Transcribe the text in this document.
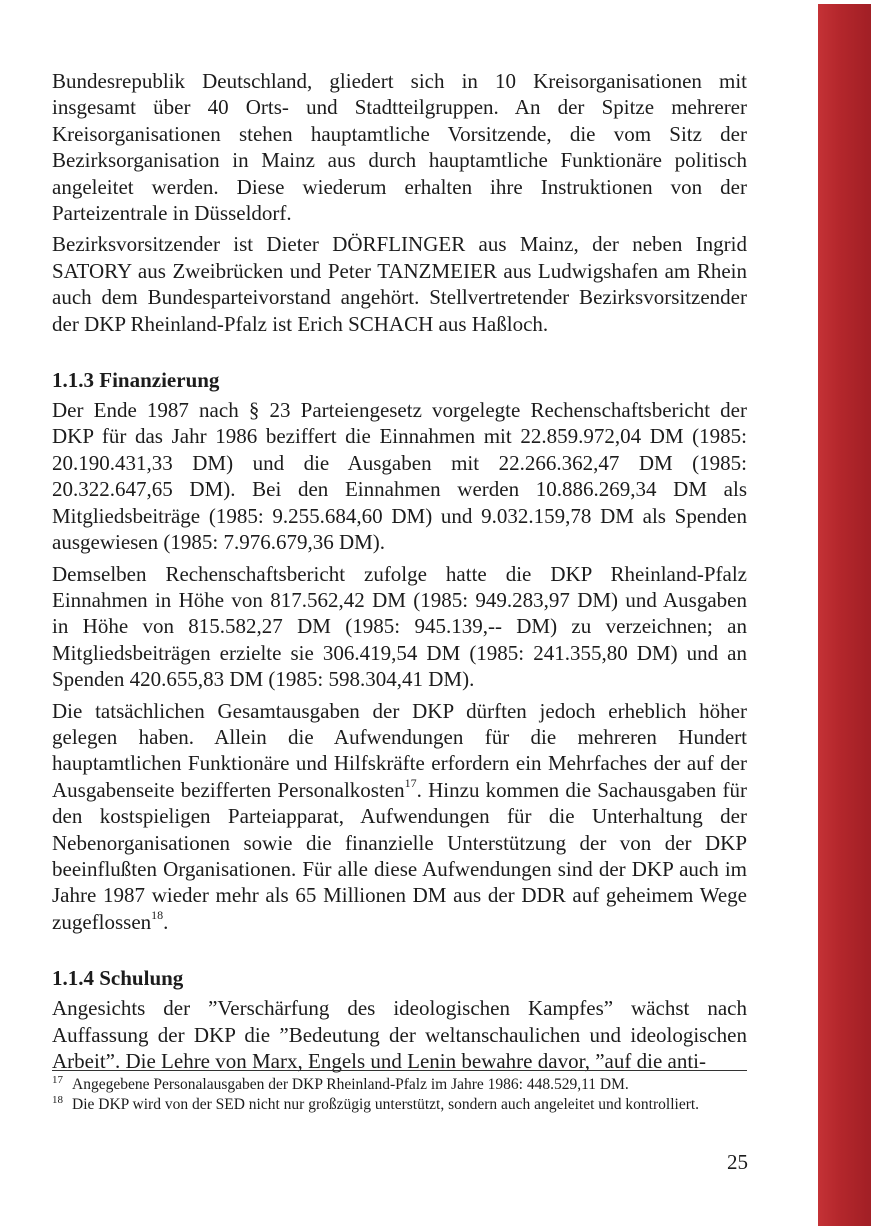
Bundesrepublik Deutschland, gliedert sich in 10 Kreisorganisationen mit insgesamt über 40 Orts- und Stadtteilgruppen. An der Spitze mehrerer Kreisorganisationen stehen hauptamtliche Vorsitzende, die vom Sitz der Bezirksorganisation in Mainz aus durch hauptamtliche Funktionäre politisch angeleitet werden. Diese wiederum erhalten ihre Instruktionen von der Parteizentrale in Düsseldorf.

Bezirksvorsitzender ist Dieter DÖRFLINGER aus Mainz, der neben Ingrid SATORY aus Zweibrücken und Peter TANZMEIER aus Ludwigshafen am Rhein auch dem Bundesparteivorstand angehört. Stellvertretender Bezirksvorsitzender der DKP Rheinland-Pfalz ist Erich SCHACH aus Haßloch.

1.1.3 Finanzierung

Der Ende 1987 nach § 23 Parteiengesetz vorgelegte Rechenschaftsbericht der DKP für das Jahr 1986 beziffert die Einnahmen mit 22.859.972,04 DM (1985: 20.190.431,33 DM) und die Ausgaben mit 22.266.362,47 DM (1985: 20.322.647,65 DM). Bei den Einnahmen werden 10.886.269,34 DM als Mitgliedsbeiträge (1985: 9.255.684,60 DM) und 9.032.159,78 DM als Spenden ausgewiesen (1985: 7.976.679,36 DM).

Demselben Rechenschaftsbericht zufolge hatte die DKP Rheinland-Pfalz Einnahmen in Höhe von 817.562,42 DM (1985: 949.283,97 DM) und Ausgaben in Höhe von 815.582,27 DM (1985: 945.139,-- DM) zu verzeichnen; an Mitgliedsbeiträgen erzielte sie 306.419,54 DM (1985: 241.355,80 DM) und an Spenden 420.655,83 DM (1985: 598.304,41 DM).

Die tatsächlichen Gesamtausgaben der DKP dürften jedoch erheblich höher gelegen haben. Allein die Aufwendungen für die mehreren Hundert hauptamtlichen Funktionäre und Hilfskräfte erfordern ein Mehrfaches der auf der Ausgabenseite bezifferten Personalkosten$^{17}$. Hinzu kommen die Sachausgaben für den kostspieligen Parteiapparat, Aufwendungen für die Unterhaltung der Nebenorganisationen sowie die finanzielle Unterstützung der von der DKP beeinflußten Organisationen. Für alle diese Aufwendungen sind der DKP auch im Jahre 1987 wieder mehr als 65 Millionen DM aus der DDR auf geheimem Wege zugeflossen$^{18}$.

1.1.4 Schulung

Angesichts der ”Verschärfung des ideologischen Kampfes” wächst nach Auffassung der DKP die ”Bedeutung der weltanschaulichen und ideologischen Arbeit”. Die Lehre von Marx, Engels und Lenin bewahre davor, ”auf die anti-

17 Angegebene Personalausgaben der DKP Rheinland-Pfalz im Jahre 1986: 448.529,11 DM.
18 Die DKP wird von der SED nicht nur großzügig unterstützt, sondern auch angeleitet und kontrolliert.
25
